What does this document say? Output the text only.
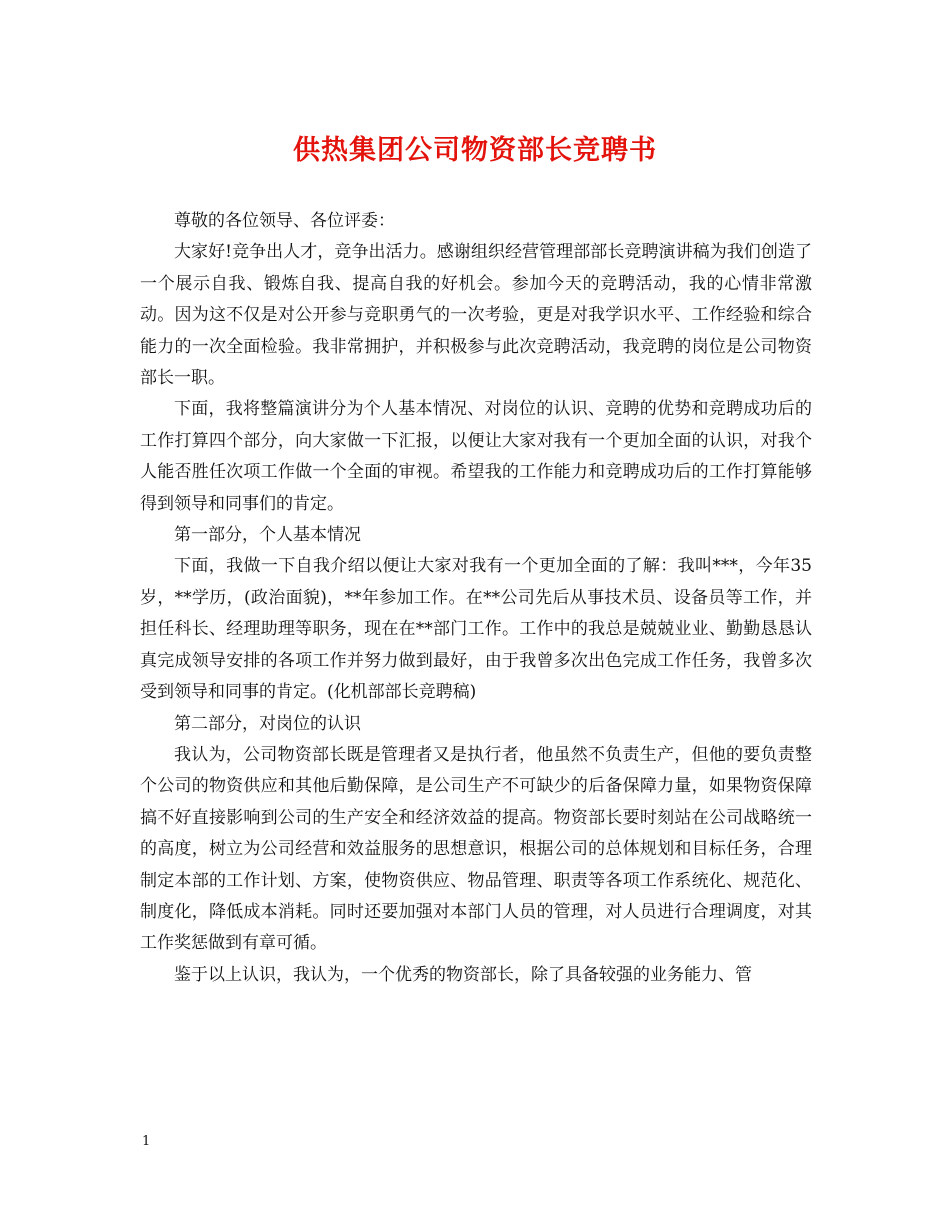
供热集团公司物资部长竞聘书

尊敬的各位领导、各位评委：

大家好!竞争出人才，竞争出活力。感谢组织经营管理部部长竞聘演讲稿为我们创造了一个展示自我、锻炼自我、提高自我的好机会。参加今天的竞聘活动，我的心情非常激动。因为这不仅是对公开参与竞职勇气的一次考验，更是对我学识水平、工作经验和综合能力的一次全面检验。我非常拥护，并积极参与此次竞聘活动，我竞聘的岗位是公司物资部长一职。

下面，我将整篇演讲分为个人基本情况、对岗位的认识、竞聘的优势和竞聘成功后的工作打算四个部分，向大家做一下汇报，以便让大家对我有一个更加全面的认识，对我个人能否胜任次项工作做一个全面的审视。希望我的工作能力和竞聘成功后的工作打算能够得到领导和同事们的肯定。

第一部分，个人基本情况

下面，我做一下自我介绍以便让大家对我有一个更加全面的了解：我叫***，今年35岁，**学历，(政治面貌)，**年参加工作。在**公司先后从事技术员、设备员等工作，并担任科长、经理助理等职务，现在在**部门工作。工作中的我总是兢兢业业、勤勤恳恳认真完成领导安排的各项工作并努力做到最好，由于我曾多次出色完成工作任务，我曾多次受到领导和同事的肯定。(化机部部长竞聘稿)

第二部分，对岗位的认识

我认为，公司物资部长既是管理者又是执行者，他虽然不负责生产，但他的要负责整个公司的物资供应和其他后勤保障，是公司生产不可缺少的后备保障力量，如果物资保障搞不好直接影响到公司的生产安全和经济效益的提高。物资部长要时刻站在公司战略统一的高度，树立为公司经营和效益服务的思想意识，根据公司的总体规划和目标任务，合理制定本部的工作计划、方案，使物资供应、物品管理、职责等各项工作系统化、规范化、制度化，降低成本消耗。同时还要加强对本部门人员的管理，对人员进行合理调度，对其工作奖惩做到有章可循。

鉴于以上认识，我认为，一个优秀的物资部长，除了具备较强的业务能力、管

1
